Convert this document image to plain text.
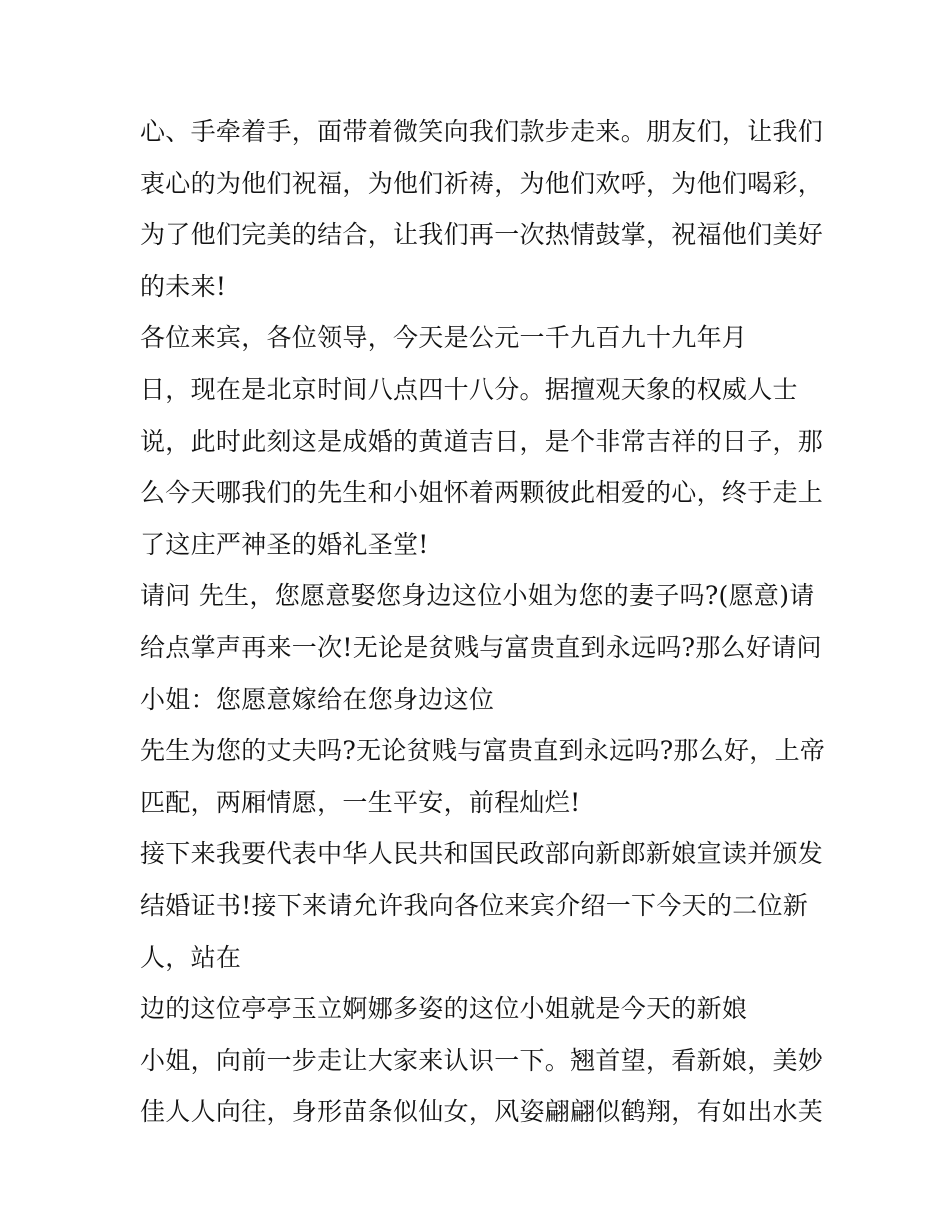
心、手牵着手，面带着微笑向我们款步走来。朋友们，让我们
衷心的为他们祝福，为他们祈祷，为他们欢呼，为他们喝彩，
为了他们完美的结合，让我们再一次热情鼓掌，祝福他们美好
的未来!
各位来宾，各位领导，今天是公元一千九百九十九年月
日，现在是北京时间八点四十八分。据擅观天象的权威人士
说，此时此刻这是成婚的黄道吉日，是个非常吉祥的日子，那
么今天哪我们的先生和小姐怀着两颗彼此相爱的心，终于走上
了这庄严神圣的婚礼圣堂!
请问 先生，您愿意娶您身边这位小姐为您的妻子吗?(愿意)请
给点掌声再来一次!无论是贫贱与富贵直到永远吗?那么好请问
小姐：您愿意嫁给在您身边这位
先生为您的丈夫吗?无论贫贱与富贵直到永远吗?那么好，上帝
匹配，两厢情愿，一生平安，前程灿烂!
接下来我要代表中华人民共和国民政部向新郎新娘宣读并颁发
结婚证书!接下来请允许我向各位来宾介绍一下今天的二位新
人，站在
边的这位亭亭玉立婀娜多姿的这位小姐就是今天的新娘
小姐，向前一步走让大家来认识一下。翘首望，看新娘，美妙
佳人人向往，身形苗条似仙女，风姿翩翩似鹤翔，有如出水芙
